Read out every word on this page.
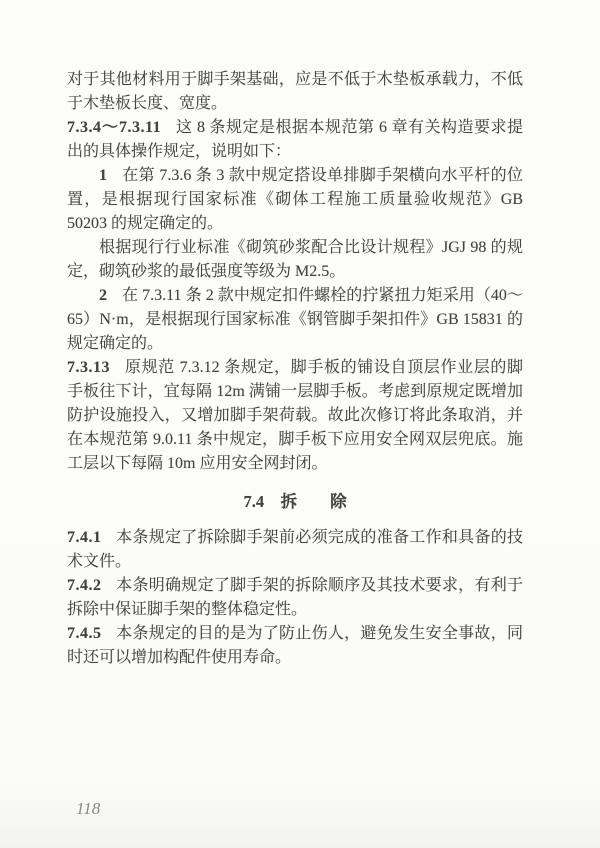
对于其他材料用于脚手架基础，应是不低于木垫板承载力，不低于木垫板长度、宽度。

7.3.4～7.3.11 这 8 条规定是根据本规范第 6 章有关构造要求提出的具体操作规定，说明如下：

1 在第 7.3.6 条 3 款中规定搭设单排脚手架横向水平杆的位置，是根据现行国家标准《砌体工程施工质量验收规范》GB 50203 的规定确定的。

根据现行行业标准《砌筑砂浆配合比设计规程》JGJ 98 的规定，砌筑砂浆的最低强度等级为 M2.5。

2 在 7.3.11 条 2 款中规定扣件螺栓的拧紧扭力矩采用（40～65）N·m，是根据现行国家标准《钢管脚手架扣件》GB 15831 的规定确定的。

7.3.13 原规范 7.3.12 条规定，脚手板的铺设自顶层作业层的脚手板往下计，宜每隔 12m 满铺一层脚手板。考虑到原规定既增加防护设施投入，又增加脚手架荷载。故此次修订将此条取消，并在本规范第 9.0.11 条中规定，脚手板下应用安全网双层兜底。施工层以下每隔 10m 应用安全网封闭。

7.4　拆　　除

7.4.1 本条规定了拆除脚手架前必须完成的准备工作和具备的技术文件。

7.4.2 本条明确规定了脚手架的拆除顺序及其技术要求，有利于拆除中保证脚手架的整体稳定性。

7.4.5 本条规定的目的是为了防止伤人，避免发生安全事故，同时还可以增加构配件使用寿命。

118
